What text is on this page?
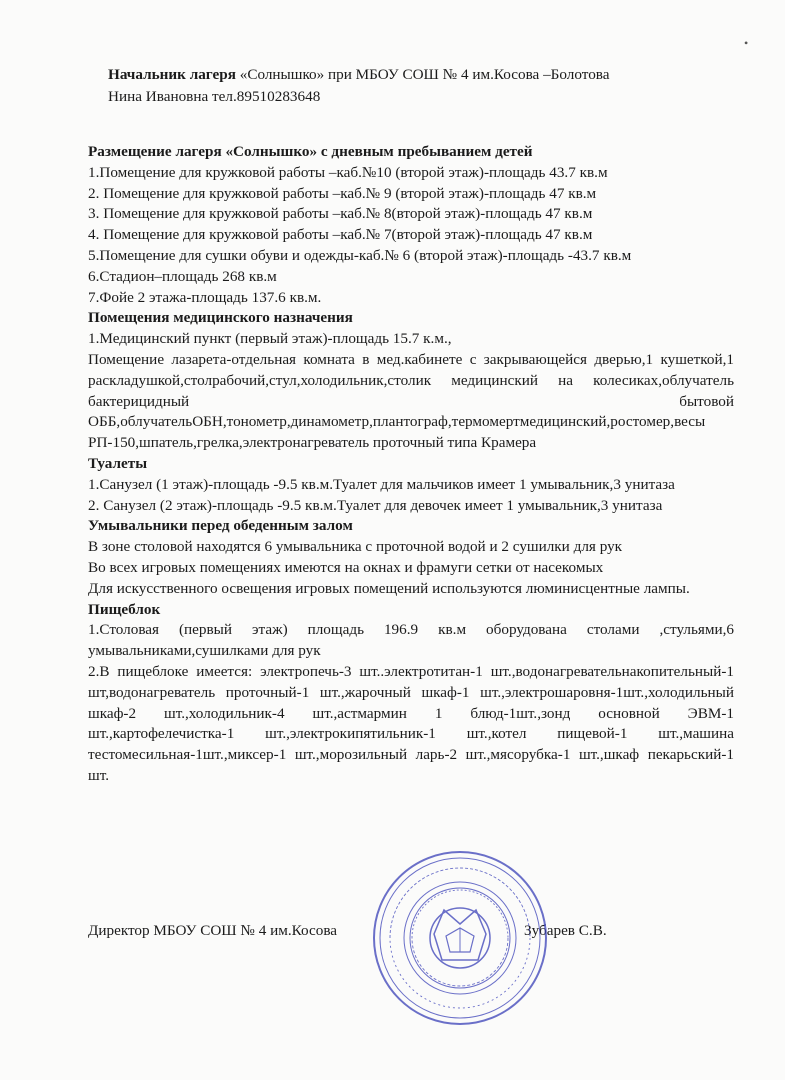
•
Начальник лагеря «Солнышко» при МБОУ СОШ № 4 им.Косова –Болотова
Нина Ивановна тел.89510283648

Размещение лагеря «Солнышко» с дневным пребыванием детей

1.Помещение для кружковой работы –каб.№10 (второй этаж)-площадь 43.7 кв.м

2. Помещение для кружковой работы –каб.№ 9 (второй этаж)-площадь 47 кв.м

3. Помещение для кружковой работы –каб.№ 8(второй этаж)-площадь 47 кв.м

4. Помещение для кружковой работы –каб.№ 7(второй этаж)-площадь 47 кв.м

5.Помещение для сушки обуви и одежды-каб.№ 6 (второй этаж)-площадь -43.7 кв.м

6.Стадион–площадь 268 кв.м

7.Фойе 2 этажа-площадь 137.6 кв.м.

Помещения медицинского назначения

1.Медицинский пункт (первый этаж)-площадь 15.7 к.м.,

Помещение лазарета-отдельная комната в мед.кабинете с закрывающейся дверью,1 кушеткой,1 раскладушкой,столрабочий,стул,холодильник,столик медицинский на колесиках,облучатель бактерицидный бытовой ОББ,облучательОБН,тонометр,динамометр,плантограф,термомертмедицинский,ростомер,весы РП-150,шпатель,грелка,электронагреватель проточный типа Крамера

Туалеты

1.Санузел (1 этаж)-площадь -9.5 кв.м.Туалет для мальчиков имеет 1 умывальник,3 унитаза

2. Санузел (2 этаж)-площадь -9.5 кв.м.Туалет для девочек имеет 1 умывальник,3 унитаза

Умывальники перед обеденным залом

В зоне столовой находятся 6 умывальника с проточной водой и 2 сушилки для рук

Во всех игровых помещениях имеются на окнах и фрамуги сетки от насекомых

Для искусственного освещения игровых помещений используются люминисцентные лампы.

Пищеблок

1.Столовая (первый этаж) площадь 196.9 кв.м оборудована столами ,стульями,6 умывальниками,сушилками для рук

2.В пищеблоке имеется: электропечь-3 шт..электротитан-1 шт.,водонагревательнакопительный-1 шт,водонагреватель проточный-1 шт.,жарочный шкаф-1 шт.,электрошаровня-1шт.,холодильный шкаф-2 шт.,холодильник-4 шт.,астмармин 1 блюд-1шт.,зонд основной ЭВМ-1 шт.,картофелечистка-1 шт.,электрокипятильник-1 шт.,котел пищевой-1 шт.,машина тестомесильная-1шт.,миксер-1 шт.,морозильный ларь-2 шт.,мясорубка-1 шт.,шкаф пекарьский-1 шт.

Директор МБОУ СОШ № 4 им.Косова	Зубарев С.В.
